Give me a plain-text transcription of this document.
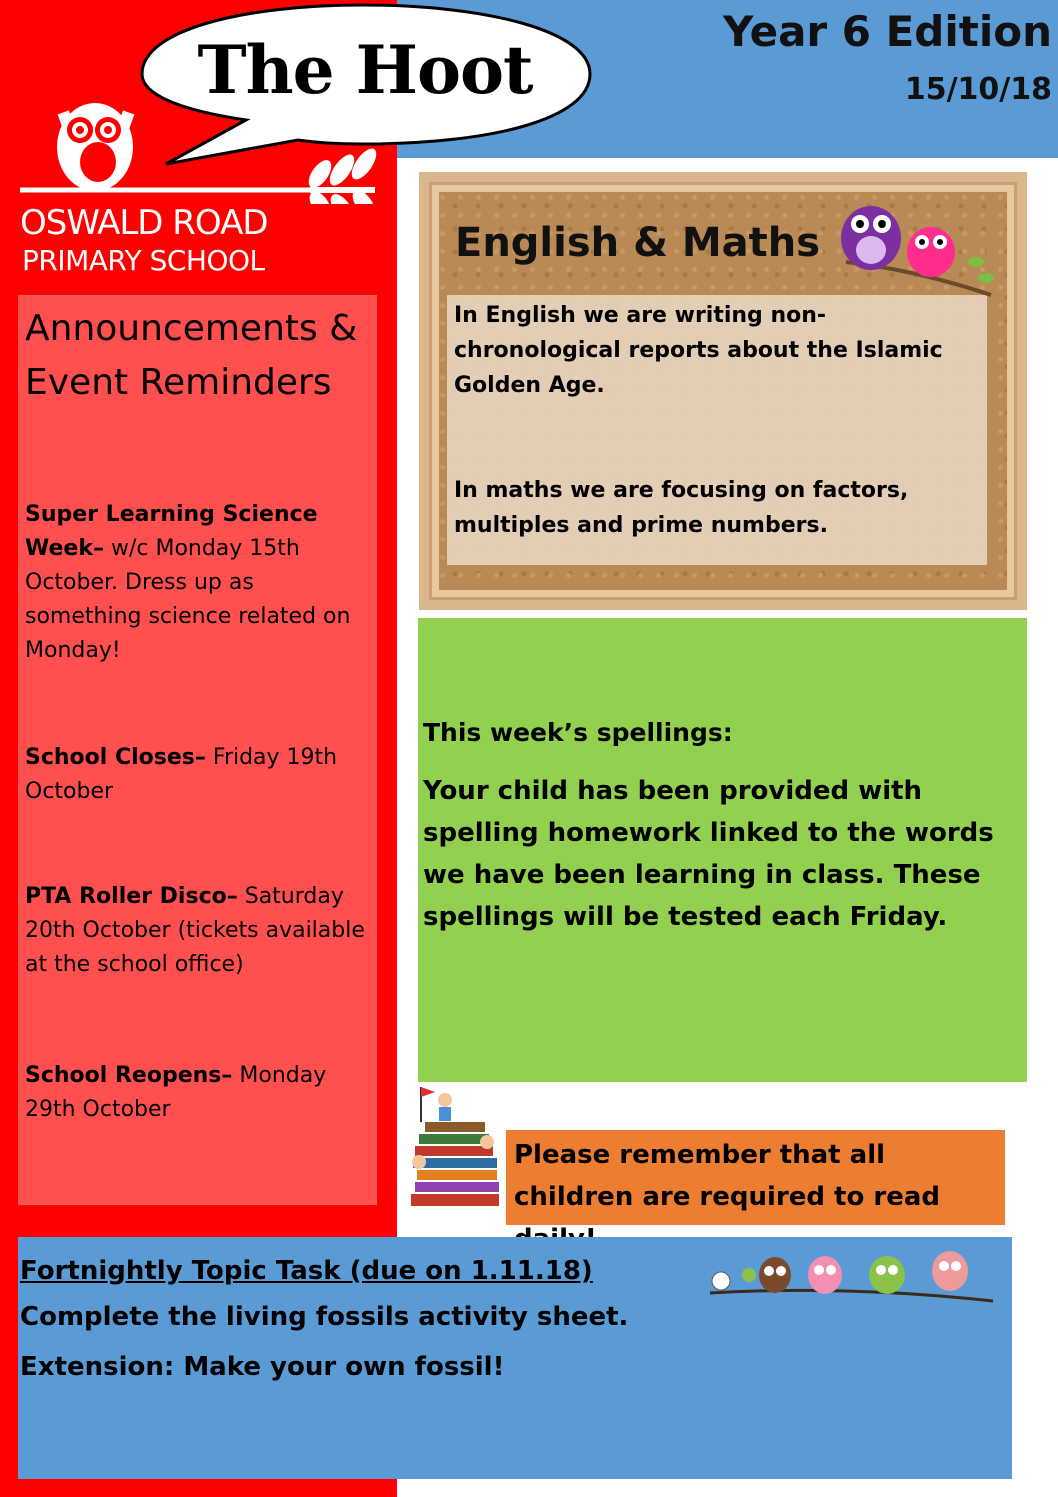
The Hoot	Year 6 Edition
15/10/18
OSWALD ROAD
PRIMARY SCHOOL
Announcements &
Event Reminders
Super Learning Science Week– w/c Monday 15th October. Dress up as something science related on Monday!
School Closes– Friday 19th October
PTA Roller Disco– Saturday 20th October (tickets available at the school office)
School Reopens– Monday 29th October
English & Maths
In English we are writing non-chronological reports about the Islamic Golden Age.
In maths we are focusing on factors, multiples and prime numbers.
This week’s spellings:
Your child has been provided with spelling homework linked to the words we have been learning in class. These spellings will be tested each Friday.
Please remember that all children are required to read
Fortnightly Topic Task (due on 1.11.18)
Complete the living fossils activity sheet.
Extension: Make your own fossil!
